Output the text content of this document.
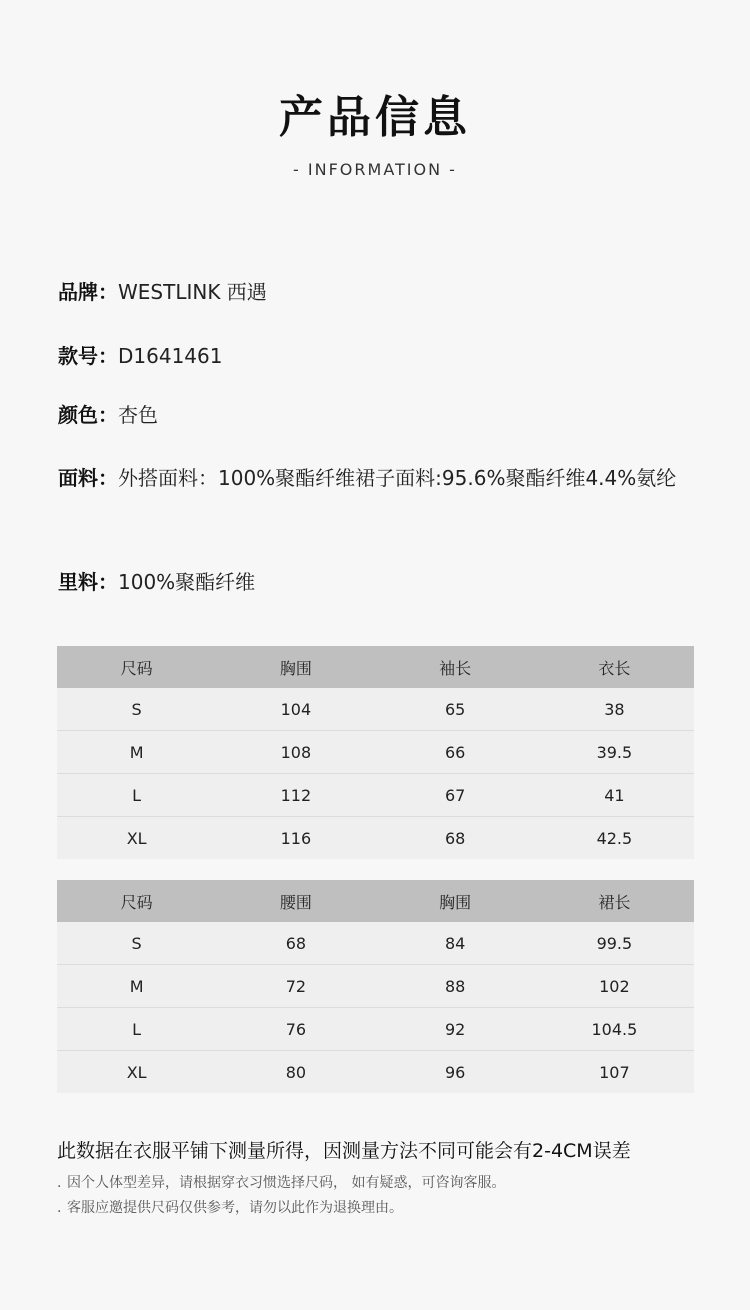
产品信息
- INFORMATION -
品牌： WESTLINK 西遇
款号： D1641461
颜色： 杏色
面料： 外搭面料：100%聚酯纤维裙子面料:95.6%聚酯纤维4.4%氨纶
里料： 100%聚酯纤维
尺码	胸围	袖长	衣长
S	104	65	38
M	108	66	39.5
L	112	67	41
XL	116	68	42.5
尺码	腰围	胸围	裙长
S	68	84	99.5
M	72	88	102
L	76	92	104.5
XL	80	96	107
此数据在衣服平铺下测量所得，因测量方法不同可能会有2-4CM误差
. 因个人体型差异，请根据穿衣习惯选择尺码， 如有疑惑，可咨询客服。
. 客服应邀提供尺码仅供参考，请勿以此作为退换理由。
